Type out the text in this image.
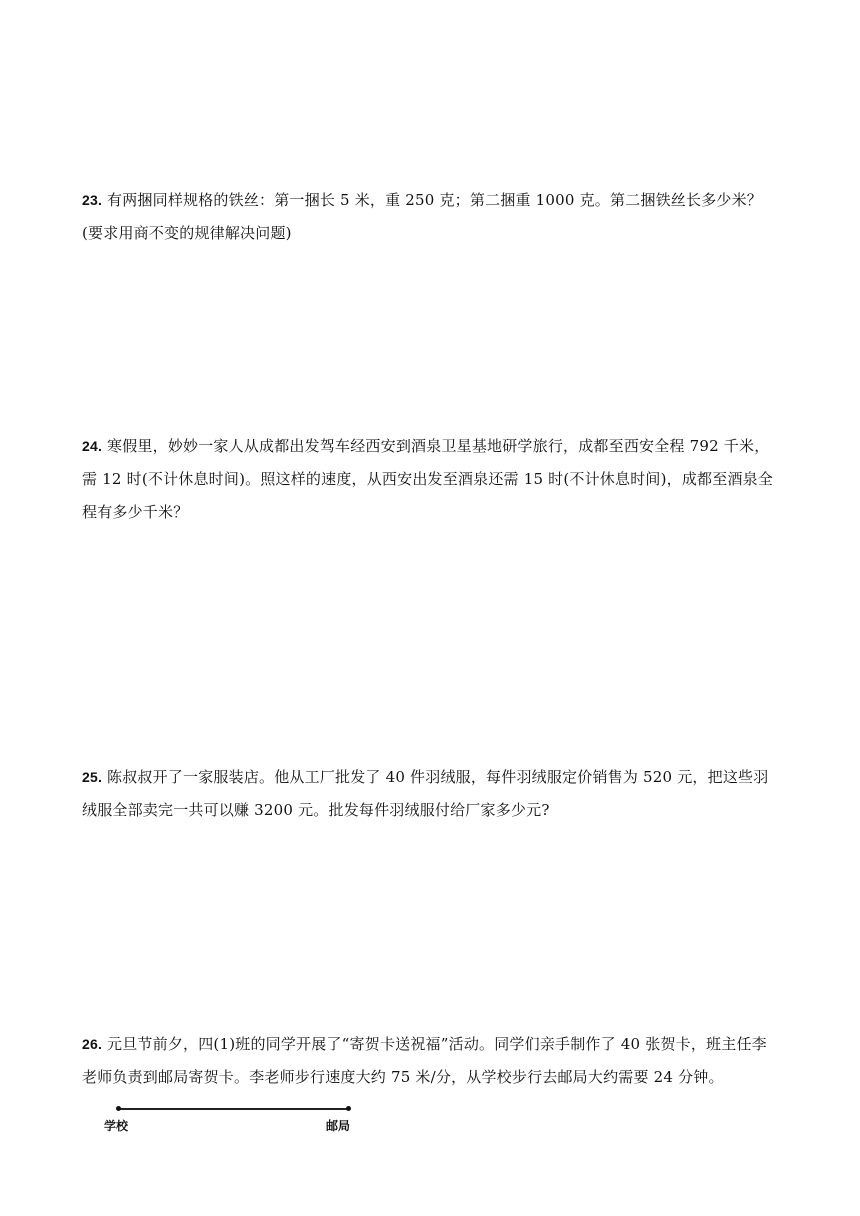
23. 有两捆同样规格的铁丝：第一捆长 5 米，重 250 克；第二捆重 1000 克。第二捆铁丝长多少米？(要求用商不变的规律解决问题)
24. 寒假里，妙妙一家人从成都出发驾车经西安到酒泉卫星基地研学旅行，成都至西安全程 792 千米，需 12 时(不计休息时间)。照这样的速度，从西安出发至酒泉还需 15 时(不计休息时间)，成都至酒泉全程有多少千米？
25. 陈叔叔开了一家服装店。他从工厂批发了 40 件羽绒服，每件羽绒服定价销售为 520 元，把这些羽绒服全部卖完一共可以赚 3200 元。批发每件羽绒服付给厂家多少元?
26. 元旦节前夕，四(1)班的同学开展了“寄贺卡送祝福”活动。同学们亲手制作了 40 张贺卡，班主任李老师负责到邮局寄贺卡。李老师步行速度大约 75 米/分，从学校步行去邮局大约需要 24 分钟。
学校	邮局
